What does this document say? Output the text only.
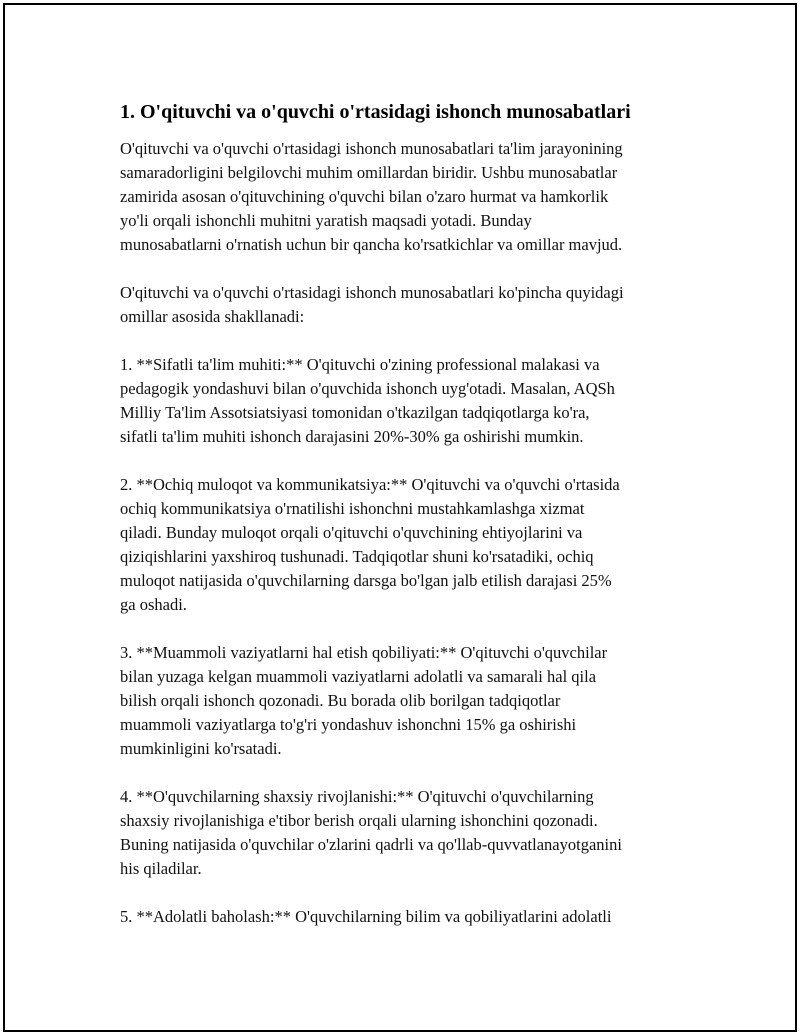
1. O'qituvchi va o'quvchi o'rtasidagi ishonch munosabatlari

O'qituvchi va o'quvchi o'rtasidagi ishonch munosabatlari ta'lim jarayonining
samaradorligini belgilovchi muhim omillardan biridir. Ushbu munosabatlar
zamirida asosan o'qituvchining o'quvchi bilan o'zaro hurmat va hamkorlik
yo'li orqali ishonchli muhitni yaratish maqsadi yotadi. Bunday
munosabatlarni o'rnatish uchun bir qancha ko'rsatkichlar va omillar mavjud.

O'qituvchi va o'quvchi o'rtasidagi ishonch munosabatlari ko'pincha quyidagi
omillar asosida shakllanadi:

1. **Sifatli ta'lim muhiti:** O'qituvchi o'zining professional malakasi va
pedagogik yondashuvi bilan o'quvchida ishonch uyg'otadi. Masalan, AQSh
Milliy Ta'lim Assotsiatsiyasi tomonidan o'tkazilgan tadqiqotlarga ko'ra,
sifatli ta'lim muhiti ishonch darajasini 20%-30% ga oshirishi mumkin.

2. **Ochiq muloqot va kommunikatsiya:** O'qituvchi va o'quvchi o'rtasida
ochiq kommunikatsiya o'rnatilishi ishonchni mustahkamlashga xizmat
qiladi. Bunday muloqot orqali o'qituvchi o'quvchining ehtiyojlarini va
qiziqishlarini yaxshiroq tushunadi. Tadqiqotlar shuni ko'rsatadiki, ochiq
muloqot natijasida o'quvchilarning darsga bo'lgan jalb etilish darajasi 25%
ga oshadi.

3. **Muammoli vaziyatlarni hal etish qobiliyati:** O'qituvchi o'quvchilar
bilan yuzaga kelgan muammoli vaziyatlarni adolatli va samarali hal qila
bilish orqali ishonch qozonadi. Bu borada olib borilgan tadqiqotlar
muammoli vaziyatlarga to'g'ri yondashuv ishonchni 15% ga oshirishi
mumkinligini ko'rsatadi.

4. **O'quvchilarning shaxsiy rivojlanishi:** O'qituvchi o'quvchilarning
shaxsiy rivojlanishiga e'tibor berish orqali ularning ishonchini qozonadi.
Buning natijasida o'quvchilar o'zlarini qadrli va qo'llab-quvvatlanayotganini
his qiladilar.

5. **Adolatli baholash:** O'quvchilarning bilim va qobiliyatlarini adolatli
